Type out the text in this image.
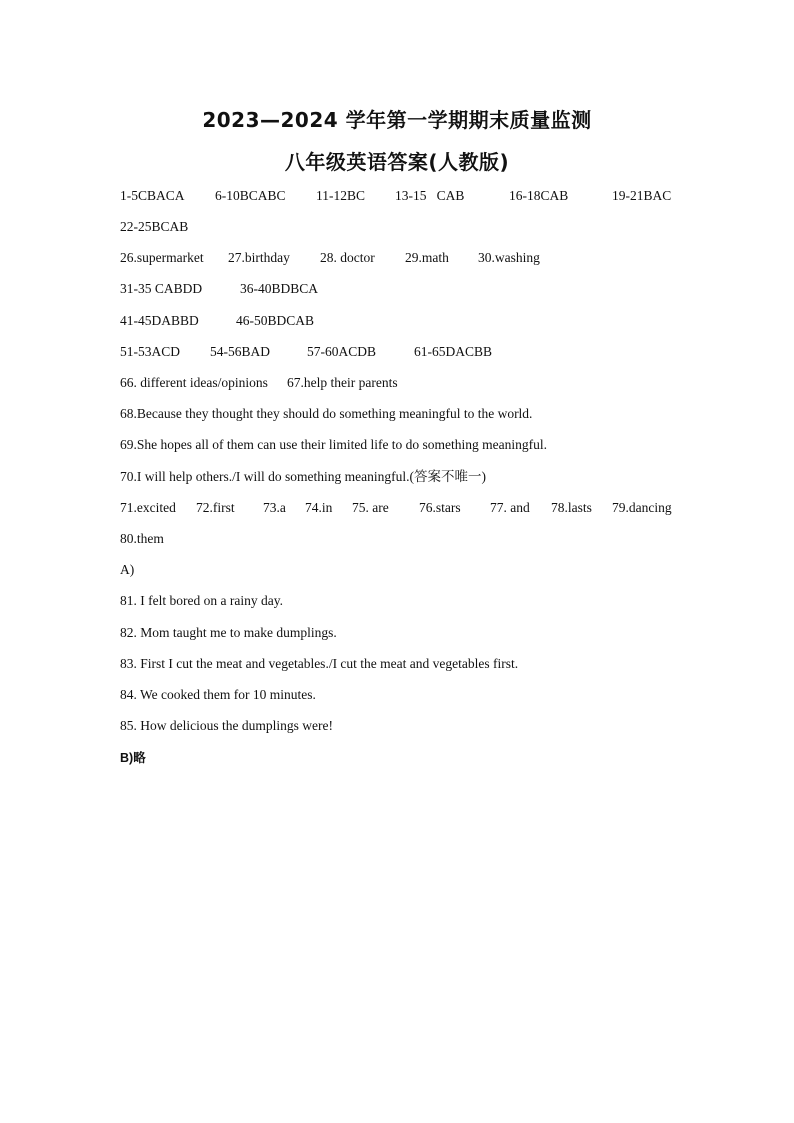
2023—2024 学年第一学期期末质量监测
八年级英语答案(人教版)
1-5CBACA 6-10BCABC 11-12BC 13-15   CAB	16-18CAB	19-21BAC
22-25BCAB
26.supermarket 27.birthday 28. doctor 29.math 30.washing
31-35 CABDD	36-40BDBCA
41-45DABBD	46-50BDCAB
51-53ACD 54-56BAD	57-60ACDB	61-65DACBB
66. different ideas/opinions 67.help their parents
68.Because they thought they should do something meaningful to the world.
69.She hopes all of them can use their limited life to do something meaningful.
70.I will help others./I will do something meaningful.(答案不唯一)
71.excited 72.first 73.a 74.in 75. are 76.stars 77. and 78.lasts 79.dancing
80.them
A)
81. I felt bored on a rainy day.
82. Mom taught me to make dumplings.
83. First I cut the meat and vegetables./I cut the meat and vegetables first.
84. We cooked them for 10 minutes.
85. How delicious the dumplings were!
B)略
